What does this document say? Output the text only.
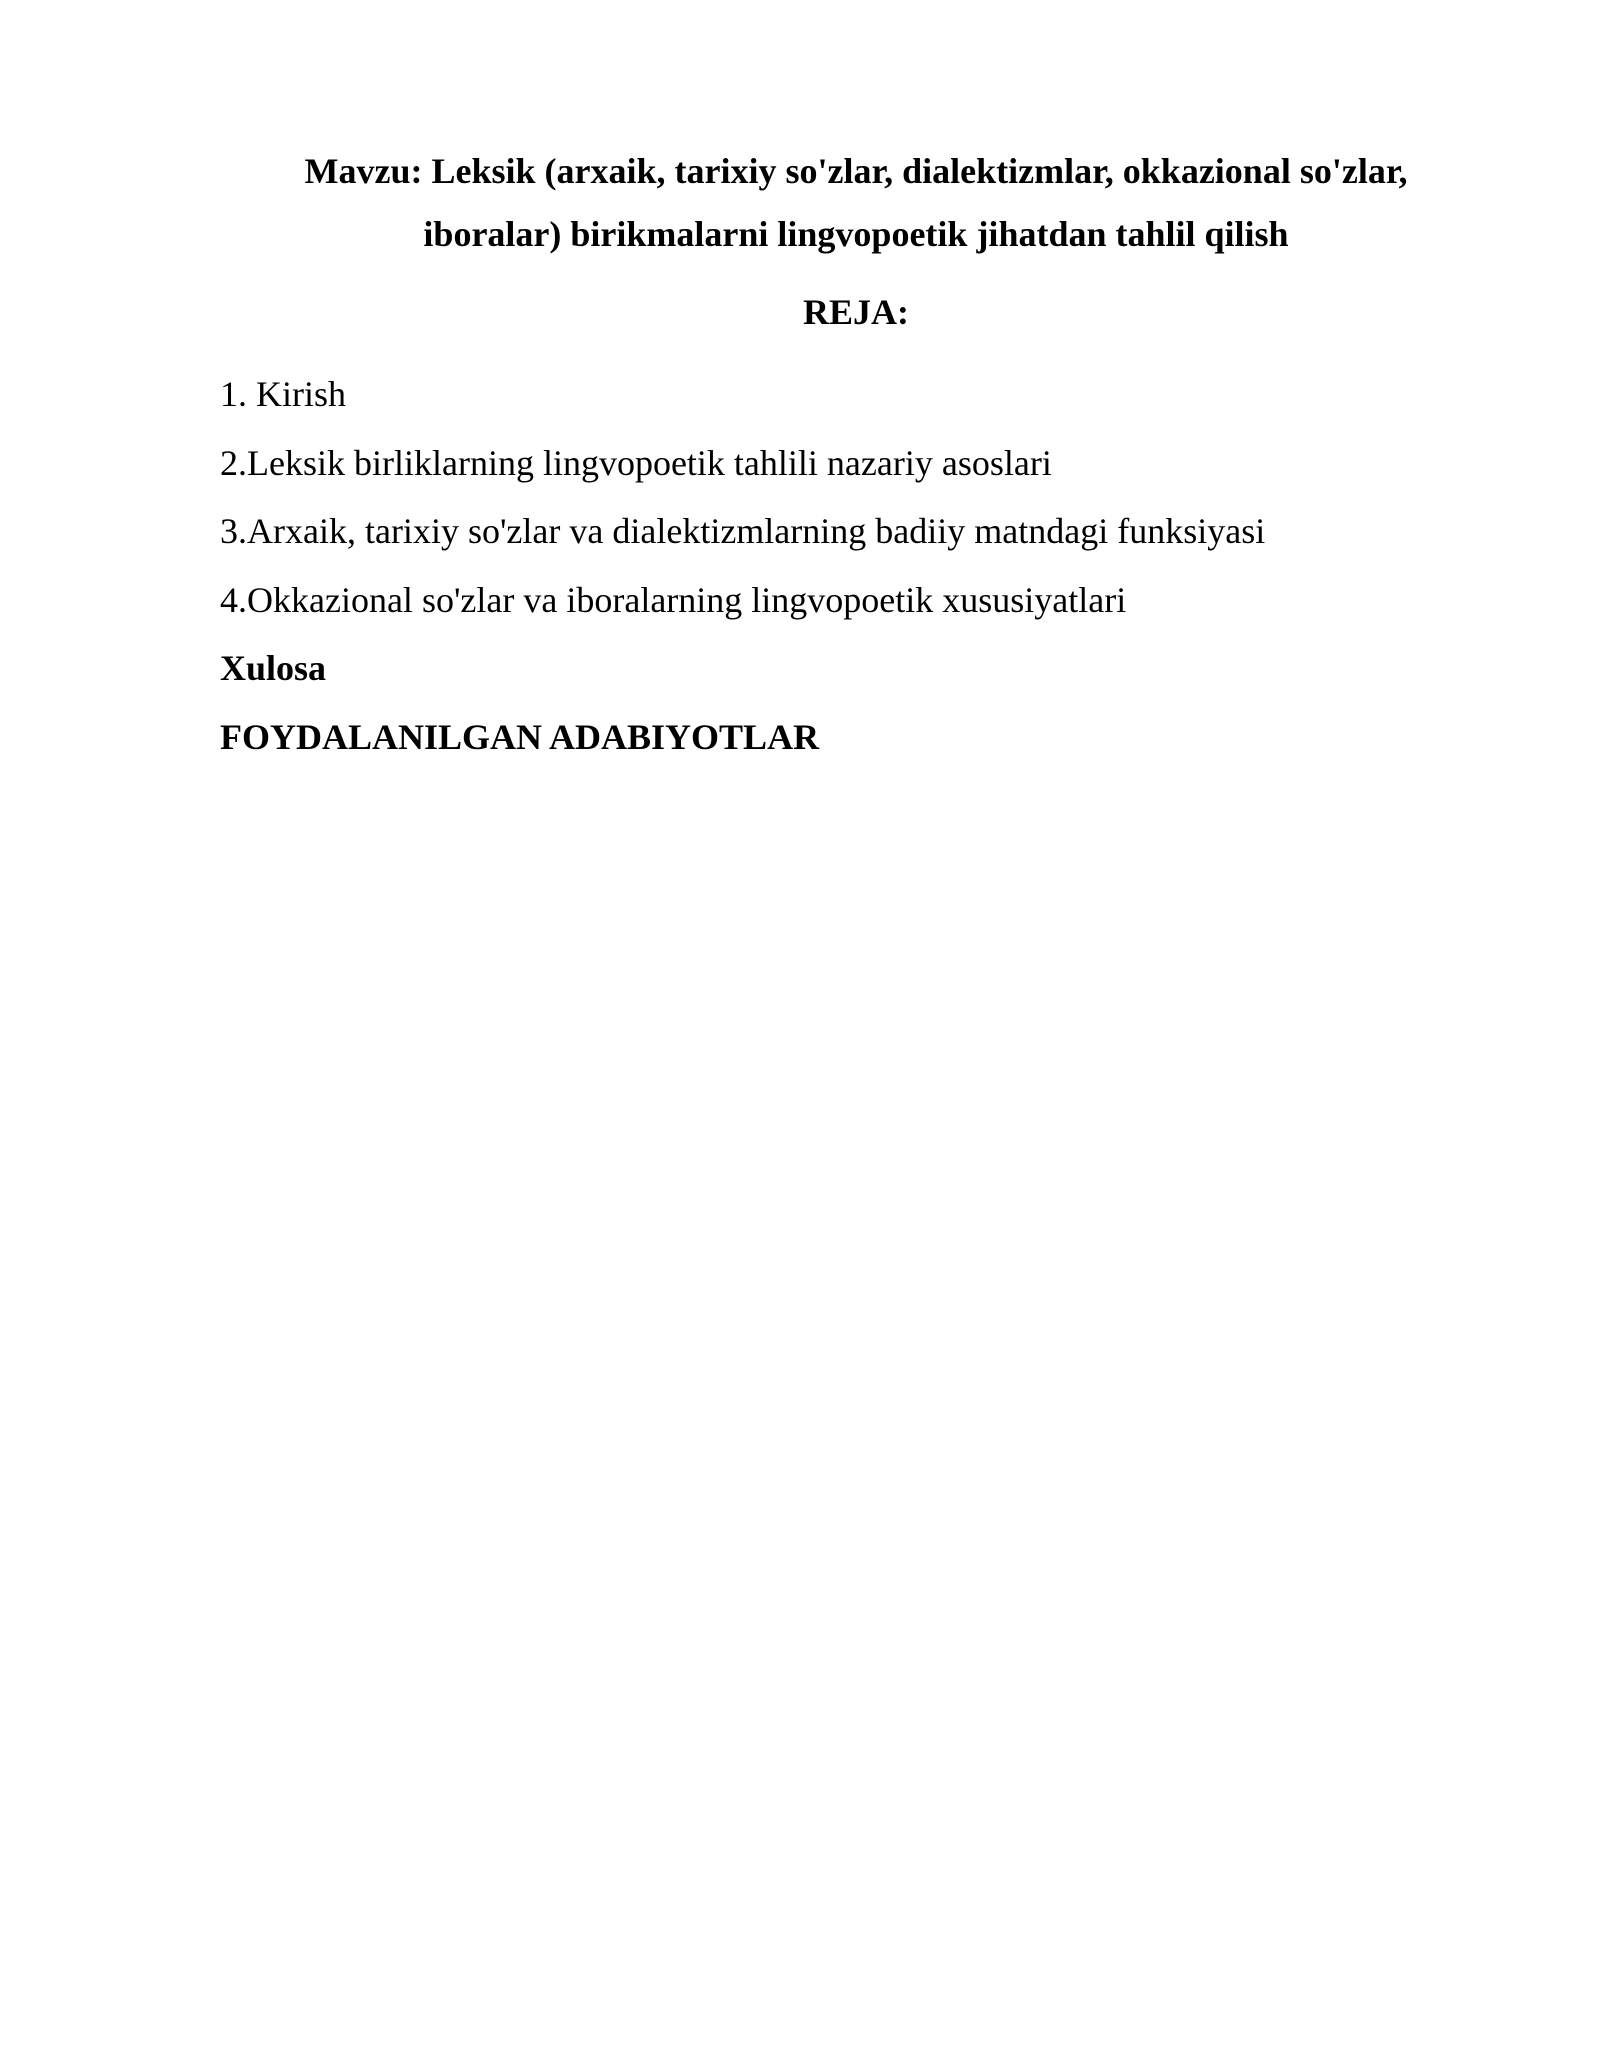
Mavzu: Leksik (arxaik, tarixiy so'zlar, dialektizmlar, okkazional so'zlar,
iboralar) birikmalarni lingvopoetik jihatdan tahlil qilish
REJA:
1. Kirish
2.Leksik birliklarning lingvopoetik tahlili nazariy asoslari
3.Arxaik, tarixiy so'zlar va dialektizmlarning badiiy matndagi funksiyasi
4.Okkazional so'zlar va iboralarning lingvopoetik xususiyatlari
Xulosa
FOYDALANILGAN ADABIYOTLAR
